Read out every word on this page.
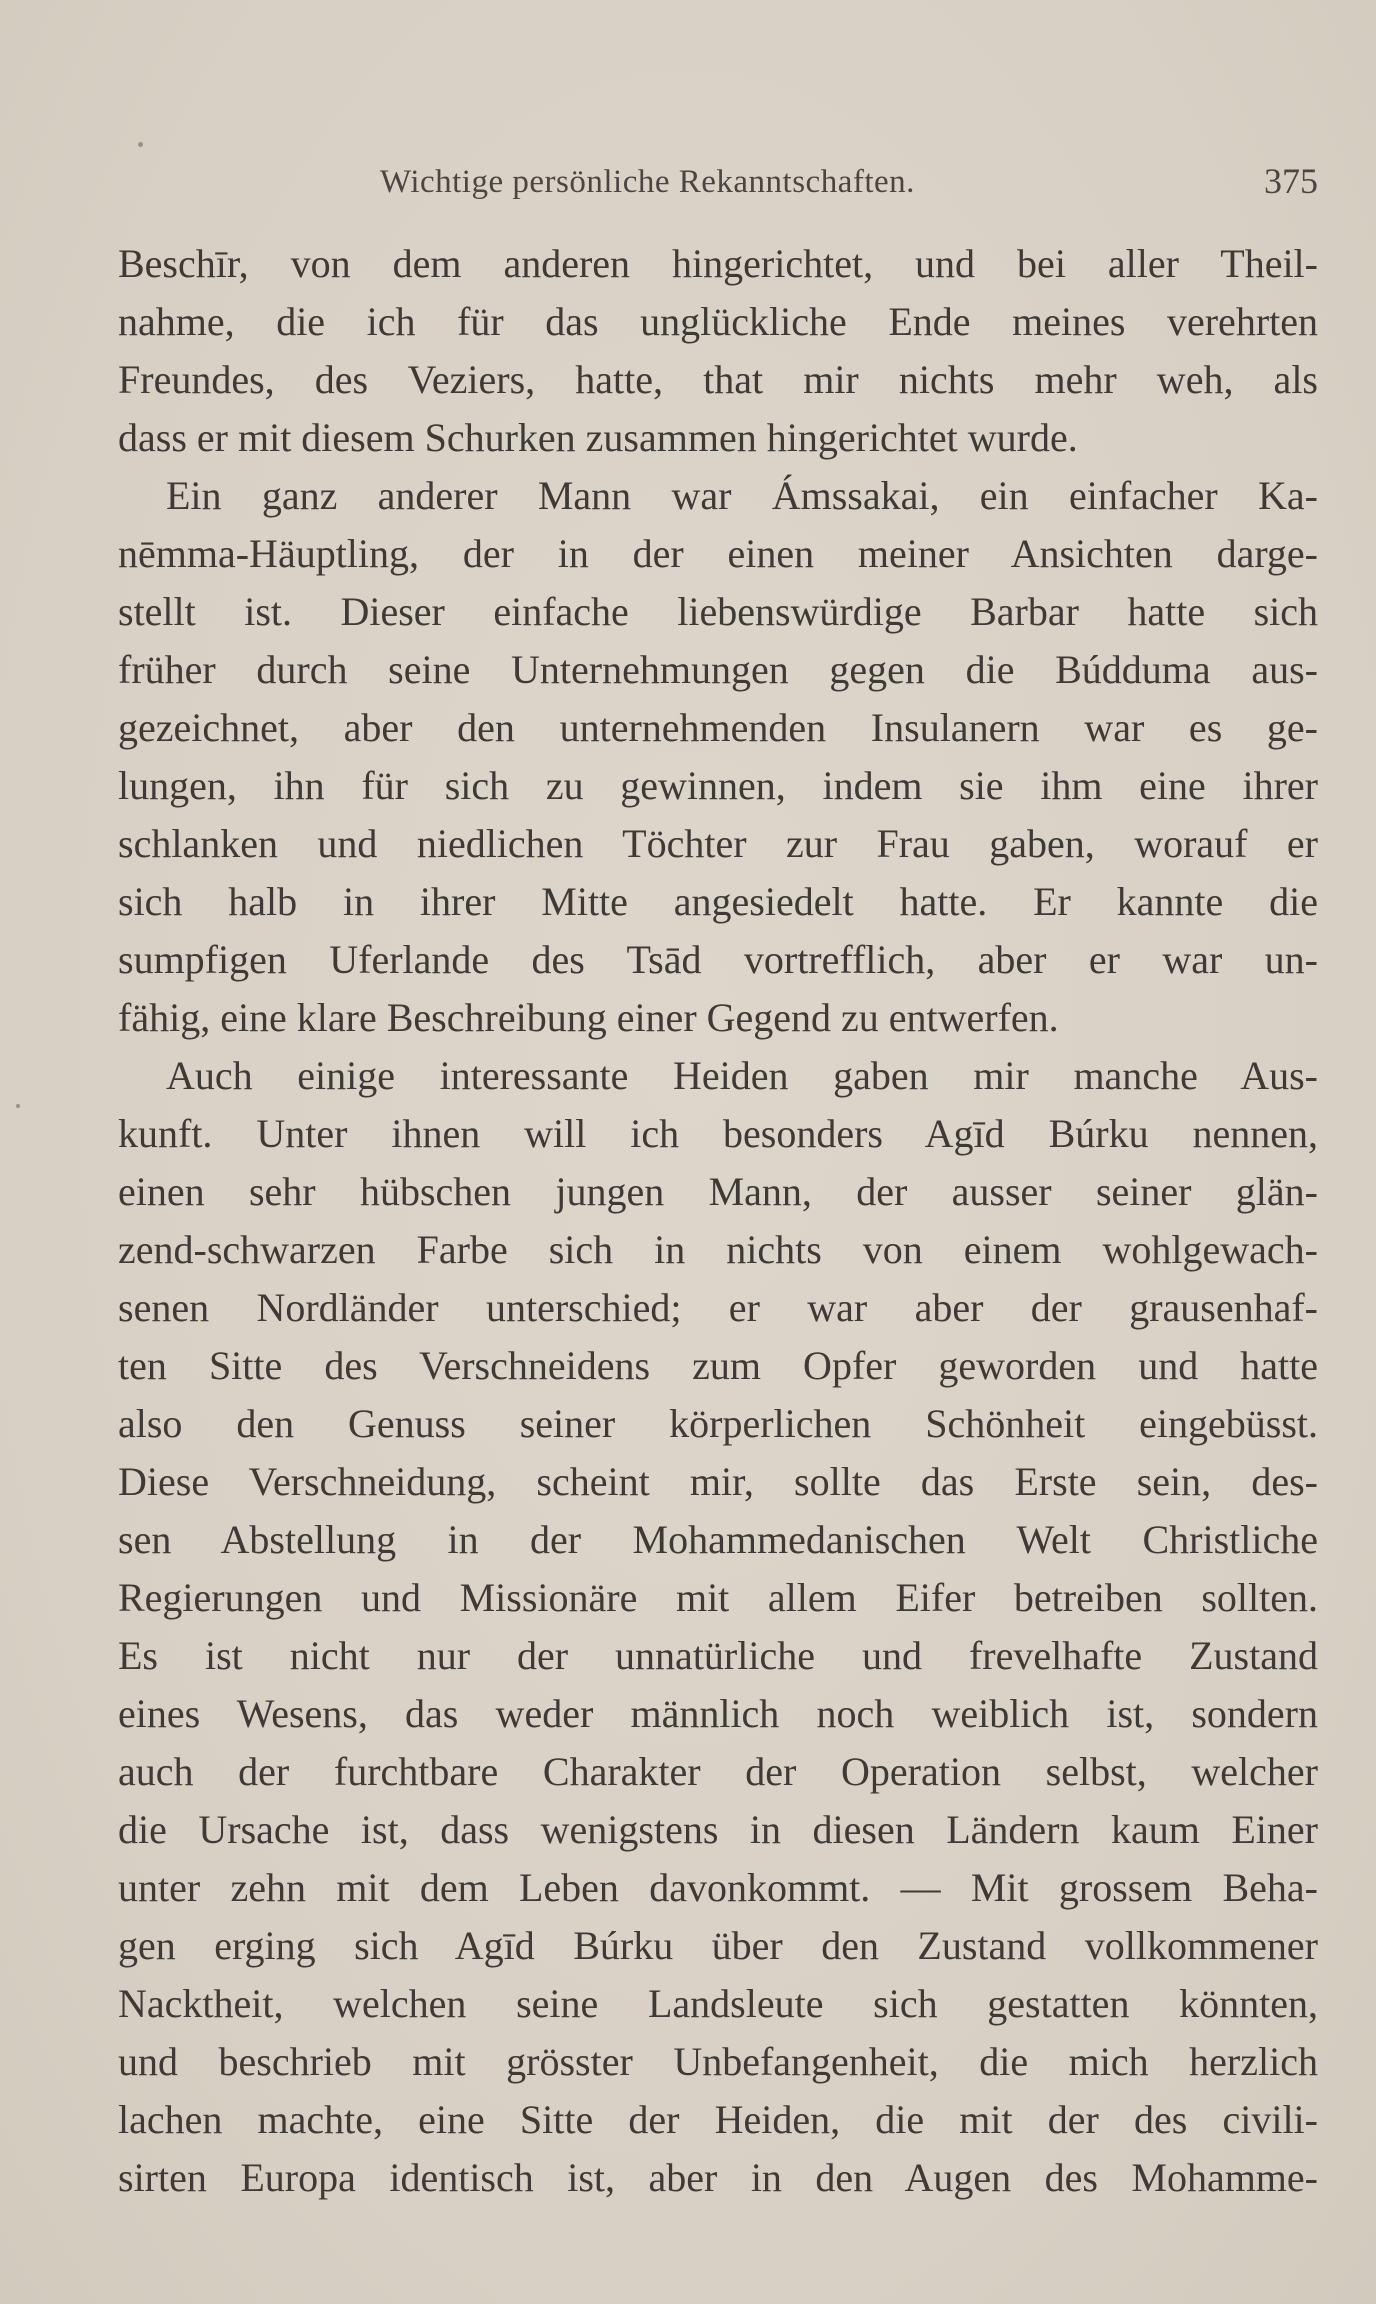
Wichtige persönliche Rekanntschaften.	375
Beschīr, von dem anderen hingerichtet, und bei aller Theil-
nahme, die ich für das unglückliche Ende meines verehrten
Freundes, des Veziers, hatte, that mir nichts mehr weh, als
dass er mit diesem Schurken zusammen hingerichtet wurde.
Ein ganz anderer Mann war Ámssakai, ein einfacher Ka-
nēmma-Häuptling, der in der einen meiner Ansichten darge-
stellt ist. Dieser einfache liebenswürdige Barbar hatte sich
früher durch seine Unternehmungen gegen die Búdduma aus-
gezeichnet, aber den unternehmenden Insulanern war es ge-
lungen, ihn für sich zu gewinnen, indem sie ihm eine ihrer
schlanken und niedlichen Töchter zur Frau gaben, worauf er
sich halb in ihrer Mitte angesiedelt hatte. Er kannte die
sumpfigen Uferlande des Tsād vortrefflich, aber er war un-
fähig, eine klare Beschreibung einer Gegend zu entwerfen.
Auch einige interessante Heiden gaben mir manche Aus-
kunft. Unter ihnen will ich besonders Agīd Búrku nennen,
einen sehr hübschen jungen Mann, der ausser seiner glän-
zend-schwarzen Farbe sich in nichts von einem wohlgewach-
senen Nordländer unterschied; er war aber der grausenhaf-
ten Sitte des Verschneidens zum Opfer geworden und hatte
also den Genuss seiner körperlichen Schönheit eingebüsst.
Diese Verschneidung, scheint mir, sollte das Erste sein, des-
sen Abstellung in der Mohammedanischen Welt Christliche
Regierungen und Missionäre mit allem Eifer betreiben sollten.
Es ist nicht nur der unnatürliche und frevelhafte Zustand
eines Wesens, das weder männlich noch weiblich ist, sondern
auch der furchtbare Charakter der Operation selbst, welcher
die Ursache ist, dass wenigstens in diesen Ländern kaum Einer
unter zehn mit dem Leben davonkommt. — Mit grossem Beha-
gen erging sich Agīd Búrku über den Zustand vollkommener
Nacktheit, welchen seine Landsleute sich gestatten könnten,
und beschrieb mit grösster Unbefangenheit, die mich herzlich
lachen machte, eine Sitte der Heiden, die mit der des civili-
sirten Europa identisch ist, aber in den Augen des Mohamme-
